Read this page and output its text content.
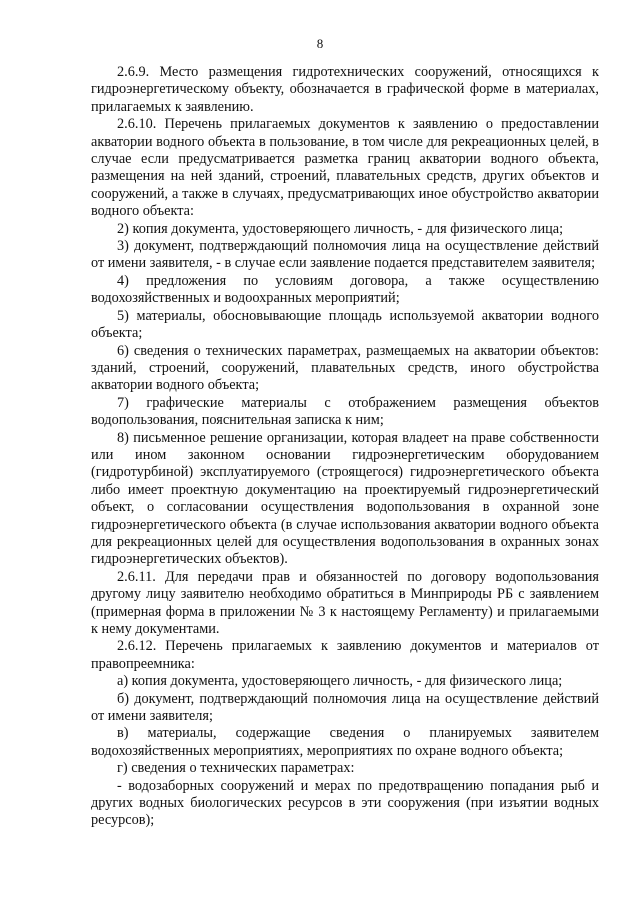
8

2.6.9. Место размещения гидротехнических сооружений, относящихся к гидроэнергетическому объекту, обозначается в графической форме в материалах, прилагаемых к заявлению.

2.6.10. Перечень прилагаемых документов к заявлению о предоставлении акватории водного объекта в пользование, в том числе для рекреационных целей, в случае если предусматривается разметка границ акватории водного объекта, размещения на ней зданий, строений, плавательных средств, других объектов и сооружений, а также в случаях, предусматривающих иное обустройство акватории водного объекта:

2) копия документа, удостоверяющего личность, - для физического лица;

3) документ, подтверждающий полномочия лица на осуществление действий от имени заявителя, - в случае если заявление подается представителем заявителя;

4) предложения по условиям договора, а также осуществлению водохозяйственных и водоохранных мероприятий;

5) материалы, обосновывающие площадь используемой акватории водного объекта;

6) сведения о технических параметрах, размещаемых на акватории объектов: зданий, строений, сооружений, плавательных средств, иного обустройства акватории водного объекта;

7) графические материалы с отображением размещения объектов водопользования, пояснительная записка к ним;

8) письменное решение организации, которая владеет на праве собственности или ином законном основании гидроэнергетическим оборудованием (гидротурбиной) эксплуатируемого (строящегося) гидроэнергетического объекта либо имеет проектную документацию на проектируемый гидроэнергетический объект, о согласовании осуществления водопользования в охранной зоне гидроэнергетического объекта (в случае использования акватории водного объекта для рекреационных целей для осуществления водопользования в охранных зонах гидроэнергетических объектов).

2.6.11. Для передачи прав и обязанностей по договору водопользования другому лицу заявителю необходимо обратиться в Минприроды РБ с заявлением (примерная форма в приложении № 3 к настоящему Регламенту) и прилагаемыми к нему документами.

2.6.12. Перечень прилагаемых к заявлению документов и материалов от правопреемника:

а) копия документа, удостоверяющего личность, - для физического лица;

б) документ, подтверждающий полномочия лица на осуществление действий от имени заявителя;

в) материалы, содержащие сведения о планируемых заявителем водохозяйственных мероприятиях, мероприятиях по охране водного объекта;

г) сведения о технических параметрах:

- водозаборных сооружений и мерах по предотвращению попадания рыб и других водных биологических ресурсов в эти сооружения (при изъятии водных ресурсов);
